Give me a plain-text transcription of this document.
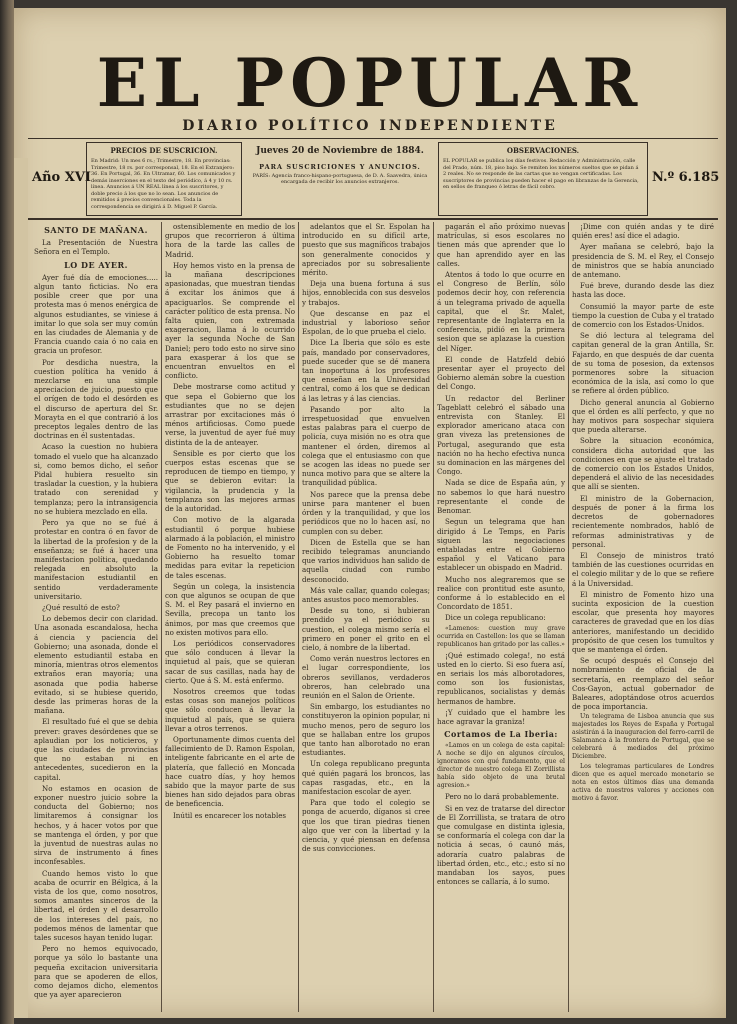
EL POPULAR
DIARIO POLÍTICO INDEPENDIENTE
Año XVI	N.º 6.185
PRECIOS DE SUSCRICION.
En Madrid: Un mes 6 rs.; Trimestre, 18. En provincias: Trimestre, 18 rs. por corresponsal, 18. En el Extranjero: 36. En Portugal, 36. En Ultramar, 60. Los comunicados y demás inserciones en el texto del periódico, á 4 y 10 rs. línea. Anuncios á UN REAL línea á los suscritores, y doble precio á los que no lo sean. Los anuncios de remitidos á precios convencionales. Toda la correspondencia se dirigirá á D. Miguel P. García.
Jueves 20 de Noviembre de 1884.
PARA SUSCRICIONES Y ANUNCIOS.
PARÍS: Agencia franco-hispano-portuguesa, de D. A. Saavedra, única encargada de recibir los anuncios extranjeros.
OBSERVACIONES.
EL POPULAR se publica los días festivos. Redacción y Administración, calle del Prado, núm. 18, piso bajo. Se remiten los números sueltos que se pidan á 2 reales. No se responde de las cartas que no vengan certificadas. Los suscriptores de provincias pueden hacer el pago en libranzas de la Gerencia, en sellos de franqueo ó letras de fácil cobro.

SANTO DE MAÑANA.

La Presentación de Nuestra Señora en el Templo.

LO DE AYER.

Ayer fué día de emociones..... algun tanto ficticias. No era posible creer que por una protesta mas ó menos enérgica de algunos estudiantes, se viniese á imitar lo que sola ser muy común en las ciudades de Alemania y de Francia cuando caia ó no caia en gracia un profesor.

Por desdicha nuestra, la cuestion política ha venido á mezclarse en una simple apreciacion de juicio, puesto que el orígen de todo el desórden es el discurso de apertura del Sr. Morayta en el que contrarió á los preceptos legales dentro de las doctrinas en él sustentadas.

Acaso la cuestion no hubiera tomado el vuelo que ha alcanzado si, como bemos dicho, el señor Pidal hubiera resuelto sin trasladar la cuestion, y la hubiera tratado con serenidad y templanza; pero la intransigencia no se hubiera mezclado en ella.

Pero ya que no se fué á protestar en contra ó en favor de la libertad de la profesion y de la enseñanza; se fué á hacer una manifestacion política, quedando relegada en absoluto la manifestacion estudiantil en sentido verdaderamente universitario.

¿Qué resultó de esto?

Lo debemos decir con claridad. Una asonada escandalosa, hecha á ciencia y paciencia del Gobierno; una asonada, donde el elemento estudiantil estaba en minoría, mientras otros elementos extraños eran mayoría; una asonada que podia haberse evitado, si se hubiese querido, desde las primeras horas de la mañana.

El resultado fué el que se debia prever: graves desórdenes que se aplaudian por los noticieros, y que las ciudades de provincias que no estaban ni en antecedentes, sucedieron en la capital.

No estamos en ocasion de exponer nuestro juicio sobre la conducta del Gobierno; nos limitaremos á consignar los hechos, y á hacer votos por que se mantenga el órden, y por que la juventud de nuestras aulas no sirva de instrumento á fines inconfesables.

Cuando hemos visto lo que acaba de ocurrir en Bélgica, á la vista de los que, como nosotros, somos amantes sinceros de la libertad, el órden y el desarrollo de los intereses del país, no podemos ménos de lamentar que tales sucesos hayan tenido lugar.

Pero no hemos equivocado, porque ya sólo lo bastante una pequeña excitacion universitaria para que se apoderen de ellos, como dejamos dicho, elementos que ya ayer aparecieron

ostensiblemente en medio de los grupos que recorrieron á última hora de la tarde las calles de Madrid.

Hoy hemos visto en la prensa de la mañana descripciones apasionadas, que muestran tiendas á excitar los ánimos que á apaciguarlos. Se comprende el carácter político de esta prensa. No falta quien, con extremada exageracion, llama á lo ocurrido ayer la segunda Noche de San Daniel; pero todo esto no sirve sino para exasperar á los que se encuentran envueltos en el conflicto.

Debe mostrarse como actitud y que sepa el Gobierno que los estudiantes que no se dejen arrastrar por excitaciones más ó ménos artificiosas. Como puede verse, la juventud de ayer fué muy distinta de la de anteayer.

Sensible es por cierto que los cuerpos estas escenas que se reproducen de tiempo en tiempo, y que se debieron evitar: la vigilancia, la prudencia y la templanza son las mejores armas de la autoridad.

Con motivo de la algarada estudiantil ó porque hubiese alarmado á la población, el ministro de Fomento no ha intervenido, y el Gobierno ha resuelto tomar medidas para evitar la repeticion de tales escenas.

Según un colega, la insistencia con que algunos se ocupan de que S. M. el Rey pasará el invierno en Sevilla, precopa un tanto los ánimos, por mas que creemos que no existen motivos para ello.

Los periódicos conservadores que sólo conducen á llevar la inquietud al país, que se quieran sacar de sus casillas, nada hay de cierto. Que á S. M. está enfermo.

Nosotros creemos que todas estas cosas son manejos políticos que sólo conducen á llevar la inquietud al país, que se quiera llevar a otros terrenos.

Oportunamente dimos cuenta del fallecimiento de D. Ramon Espolan, inteligente fabricante en el arte de platería, que falleció en Moncada hace cuatro días, y hoy hemos sabido que la mayor parte de sus bienes han sido dejados para obras de beneficencia.

Inútil es encarecer los notables

adelantos que el Sr. Espolan ha introducido en su difícil arte, puesto que sus magníficos trabajos son generalmente conocidos y apreciados por su sobresaliente mérito.

Deja una buena fortuna á sus hijos, ennoblecida con sus desvelos y trabajos.

Que descanse en paz el industrial y laborioso señor Espolan, de lo que prueba el cielo.

Dice La Iberia que sólo es este país, mandado por conservadores, puede suceder que se dé manera tan inoportuna á los profesores que enseñan en la Universidad central, como á los que se dedican á las letras y á las ciencias.

Pasando por alto la irrespetuosidad que envuelven estas palabras para el cuerpo de policía, cuya misión no es otra que mantener el órden, diremos al colega que el entusiasmo con que se acogen las ideas no puede ser nunca motivo para que se altere la tranquilidad pública.

Nos parece que la prensa debe unirse para mantener el buen órden y la tranquilidad, y que los periódicos que no lo hacen así, no cumplen con su deber.

Dicen de Estella que se han recibido telegramas anunciando que varios individuos han salido de aquella ciudad con rumbo desconocido.

Más vale callar, quando colegas; antes asustos poco memorables.

Desde su tono, si hubieran prendido ya el periódico su cuestion, el colega mismo sería el primero en poner el grito en el cielo, á nombre de la libertad.

Como verán nuestros lectores en el lugar correspondiente, los obreros sevillanos, verdaderos obreros, han celebrado una reunión en el Salon de Oriente.

Sin embargo, los estudiantes no constituyeron la opinion popular, ni mucho menos, pero de seguro los que se hallaban entre los grupos que tanto han alborotado no eran estudiantes.

Un colega republicano pregunta qué quién pagará los broncos, las capas rasgadas, etc., en la manifestacion escolar de ayer.

Para que todo el colegio se ponga de acuerdo, díganos si cree que los que tiran piedras tienen algo que ver con la libertad y la ciencia, y qué piensan en defensa de sus convicciones.

pagarán el año próximo nuevas matrículas, si esos escolares no tienen más que aprender que lo que han aprendido ayer en las calles.

Atentos á todo lo que ocurre en el Congreso de Berlín, sólo podemos decir hoy, con referencia á un telegrama privado de aquella capital, que el Sr. Malet, representante de Inglaterra en la conferencia, pidió en la primera sesion que se aplazase la cuestion del Níger.

El conde de Hatzfeld debió presentar ayer el proyecto del Gobierno alemán sobre la cuestion del Congo.

Un redactor del Berliner Tageblatt celebró el sábado una entrevista con Stanley. El explorador americano ataca con gran viveza las pretensiones de Portugal, asegurando que esta nación no ha hecho efectiva nunca su dominacion en las márgenes del Congo.

Nada se dice de España aún, y no sabemos lo que hará nuestro representante el conde de Benomar.

Segun un telegrama que han dirigido á Le Temps, en París siguen las negociaciones entabladas entre el Gobierno español y el Vaticano para establecer un obispado en Madrid.

Mucho nos alegraremos que se realice con prontitud este asunto, conforme á lo establecido en el Concordato de 1851.

Dice un colega republicano:

«Lamenos: cuestion muy grave ocurrida en Castellon: los que se llaman republicanos han gritado por las calles.»

¡Qué estimado colega!, no está usted en lo cierto. Si eso fuera así, en seriais los más alborotadores, como son los fusionistas, republicanos, socialistas y demás hermanos de hambre.

¡Y cuidado que el hambre les hace agravar la graniza!

Cortamos de La Iberia:

«Lamos en un colega de esta capital: A noche se dijo en algunos círculos, ignoramos con qué fundamento, que el director de nuestro colega El Zorrillista había sido objeto de una brutal agresion.»

Pero no lo dará probablemente.

Si en vez de tratarse del director de El Zorrillista, se tratara de otro que comulgase en distinta iglesia, se conformaría el colega con dar la noticia á secas, ó caunó más, adoraría cuatro palabras de libertad órden, etc., etc.; esto sí no mandaban los sayos, pues entonces se callaría, á lo sumo.

¡Dime con quién andas y te diré quién eres! así dice el adagio.

Ayer mañana se celebró, bajo la presidencia de S. M. el Rey, el Consejo de ministros que se había anunciado de antemano.

Fué breve, durando desde las diez hasta las doce.

Consumió la mayor parte de este tiempo la cuestion de Cuba y el tratado de comercio con los Estados-Unidos.

Se dió lectura al telegrama del capitan general de la gran Antilla, Sr. Fajardo, en que después de dar cuenta de su toma de posesion, da extensos pormenores sobre la situacion económica de la isla, así como lo que se refiere al órden público.

Dicho general anuncia al Gobierno que el órden es allí perfecto, y que no hay motivos para sospechar siquiera que pueda alterarse.

Sobre la situacion económica, considera dicha autoridad que las condiciones en que se ajuste el tratado de comercio con los Estados Unidos, dependerá el alivio de las necesidades que allí se sienten.

El ministro de la Gobernacion, después de poner á la firma los decretos de gobernadores recientemente nombrados, habló de reformas administrativas y de personal.

El Consejo de ministros trató también de las cuestiones ocurridas en el colegio militar y de lo que se refiere á la Universidad.

El ministro de Fomento hizo una sucinta exposicion de la cuestion escolar, que presenta hoy mayores caracteres de gravedad que en los días anteriores, manifestando un decidido propósito de que cesen los tumultos y que se mantenga el órden.

Se ocupó después el Consejo del nombramiento de oficial de la secretaría, en reemplazo del señor Cos-Gayon, actual gobernador de Baleares, adoptándose otros acuerdos de poca importancia.

Un telegrama de Lisboa anuncia que sus majestades los Reyes de España y Portugal asistirán á la inauguracion del ferro-carril de Salamanca á la frontera de Portugal, que se celebrará á mediados del próximo Diciembre.

Los telegramas particulares de Londres dicen que es aquel mercado monetario se nota en estos últimos días una demanda activa de nuestros valores y acciones con motivo á favor.
